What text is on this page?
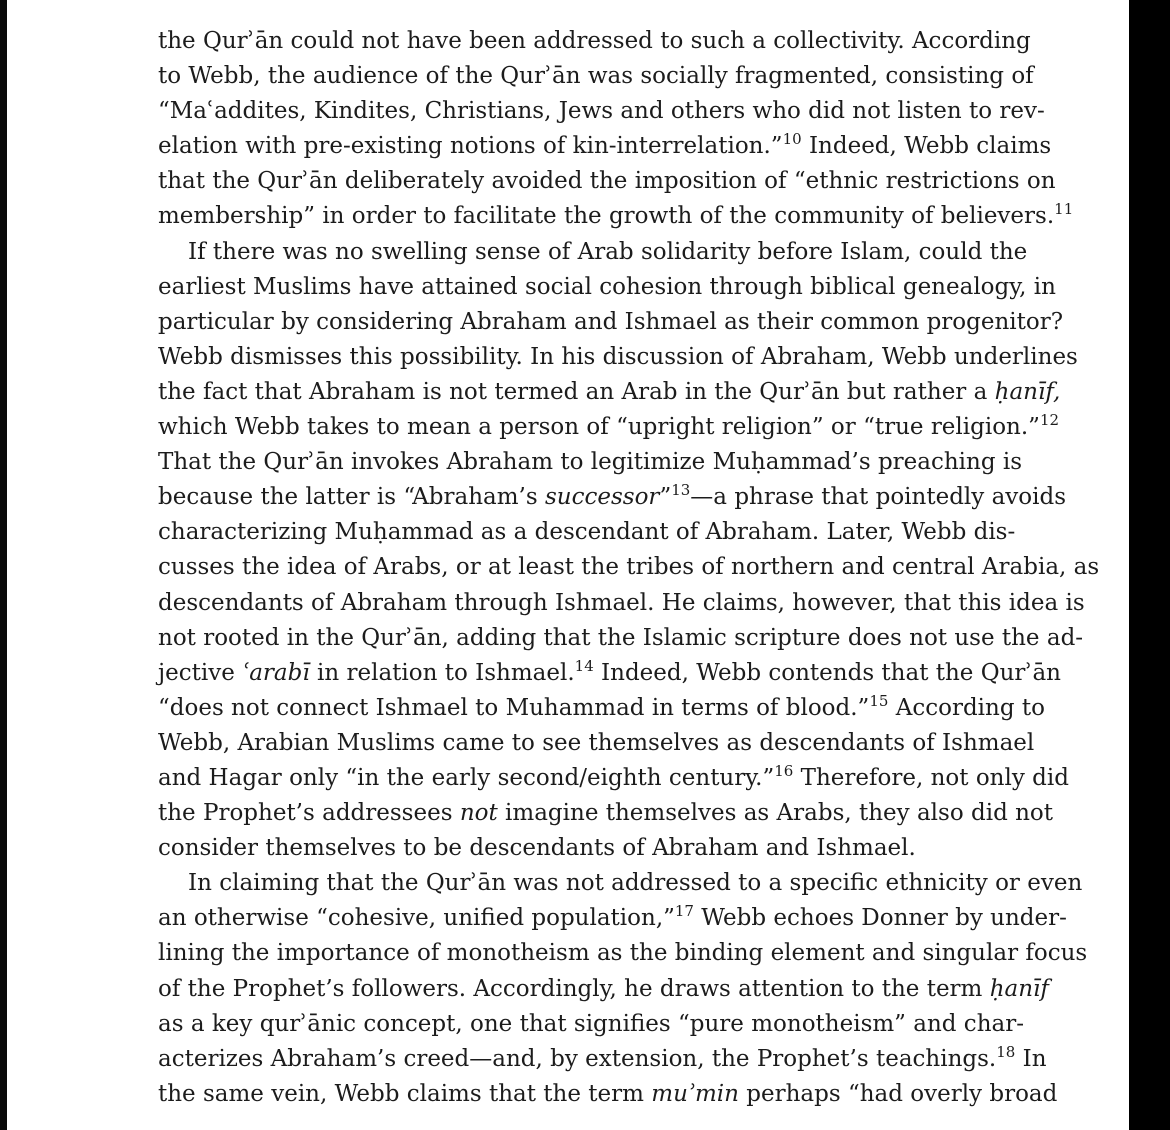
the Qurʾān could not have been addressed to such a collectivity. According
to Webb, the audience of the Qurʾān was socially fragmented, consisting of
“Maʿaddites, Kindites, Christians, Jews and others who did not listen to rev-
elation with pre-existing notions of kin-interrelation.”$^{10}$ Indeed, Webb claims
that the Qurʾān deliberately avoided the imposition of “ethnic restrictions on
membership” in order to facilitate the growth of the community of believers.$^{11}$
If there was no swelling sense of Arab solidarity before Islam, could the
earliest Muslims have attained social cohesion through biblical genealogy, in
particular by considering Abraham and Ishmael as their common progenitor?
Webb dismisses this possibility. In his discussion of Abraham, Webb underlines
the fact that Abraham is not termed an Arab in the Qurʾān but rather a ḥanīf,
which Webb takes to mean a person of “upright religion” or “true religion.”$^{12}$
That the Qurʾān invokes Abraham to legitimize Muḥammad’s preaching is
because the latter is “Abraham’s successor”$^{13}$—a phrase that pointedly avoids
characterizing Muḥammad as a descendant of Abraham. Later, Webb dis-
cusses the idea of Arabs, or at least the tribes of northern and central Arabia, as
descendants of Abraham through Ishmael. He claims, however, that this idea is
not rooted in the Qurʾān, adding that the Islamic scripture does not use the ad-
jective ʿarabī in relation to Ishmael.$^{14}$ Indeed, Webb contends that the Qurʾān
“does not connect Ishmael to Muhammad in terms of blood.”$^{15}$ According to
Webb, Arabian Muslims came to see themselves as descendants of Ishmael
and Hagar only “in the early second/eighth century.”$^{16}$ Therefore, not only did
the Prophet’s addressees not imagine themselves as Arabs, they also did not
consider themselves to be descendants of Abraham and Ishmael.
In claiming that the Qurʾān was not addressed to a specific ethnicity or even
an otherwise “cohesive, unified population,”$^{17}$ Webb echoes Donner by under-
lining the importance of monotheism as the binding element and singular focus
of the Prophet’s followers. Accordingly, he draws attention to the term ḥanīf
as a key qurʾānic concept, one that signifies “pure monotheism” and char-
acterizes Abraham’s creed—and, by extension, the Prophet’s teachings.$^{18}$ In
the same vein, Webb claims that the term muʾmin perhaps “had overly broad
